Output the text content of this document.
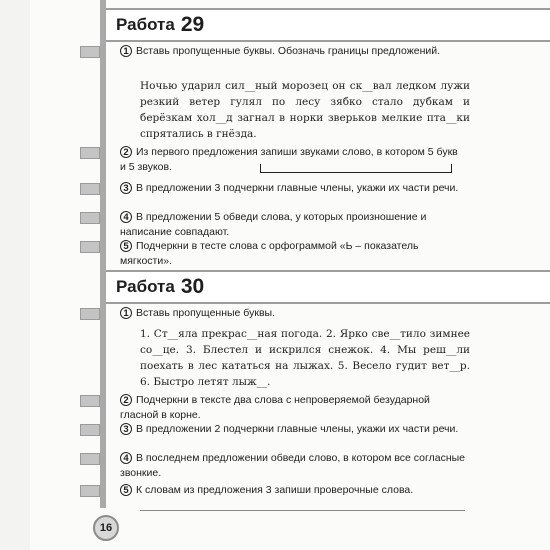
Работа 29
1 Вставь пропущенные буквы. Обозначь границы предложений.
Ночью ударил сил__ный морозец он ск__вал ледком лужи резкий ветер гулял по лесу зябко стало дубкам и берёзкам хол__д загнал в норки зверьков мелкие пта__ки спрятались в гнёзда.
2 Из первого предложения запиши звуками слово, в котором 5 букв и 5 звуков.
3 В предложении 3 подчеркни главные члены, укажи их части речи.
4 В предложении 5 обведи слова, у которых произношение и написание совпадают.
5 Подчеркни в тесте слова с орфограммой «Ь – показатель мягкости».
Работа 30
1 Вставь пропущенные буквы.
1. Ст__яла прекрас__ная погода. 2. Ярко све__тило зимнее со__це. 3. Блестел и искрился снежок. 4. Мы реш__ли поехать в лес кататься на лыжах. 5. Весело гудит вет__р. 6. Быстро летят лыж__.
2 Подчеркни в тексте два слова с непроверяемой безударной гласной в корне.
3 В предложении 2 подчеркни главные члены, укажи их части речи.
4 В последнем предложении обведи слово, в котором все согласные звонкие.
5 К словам из предложения 3 запиши проверочные слова.
16
